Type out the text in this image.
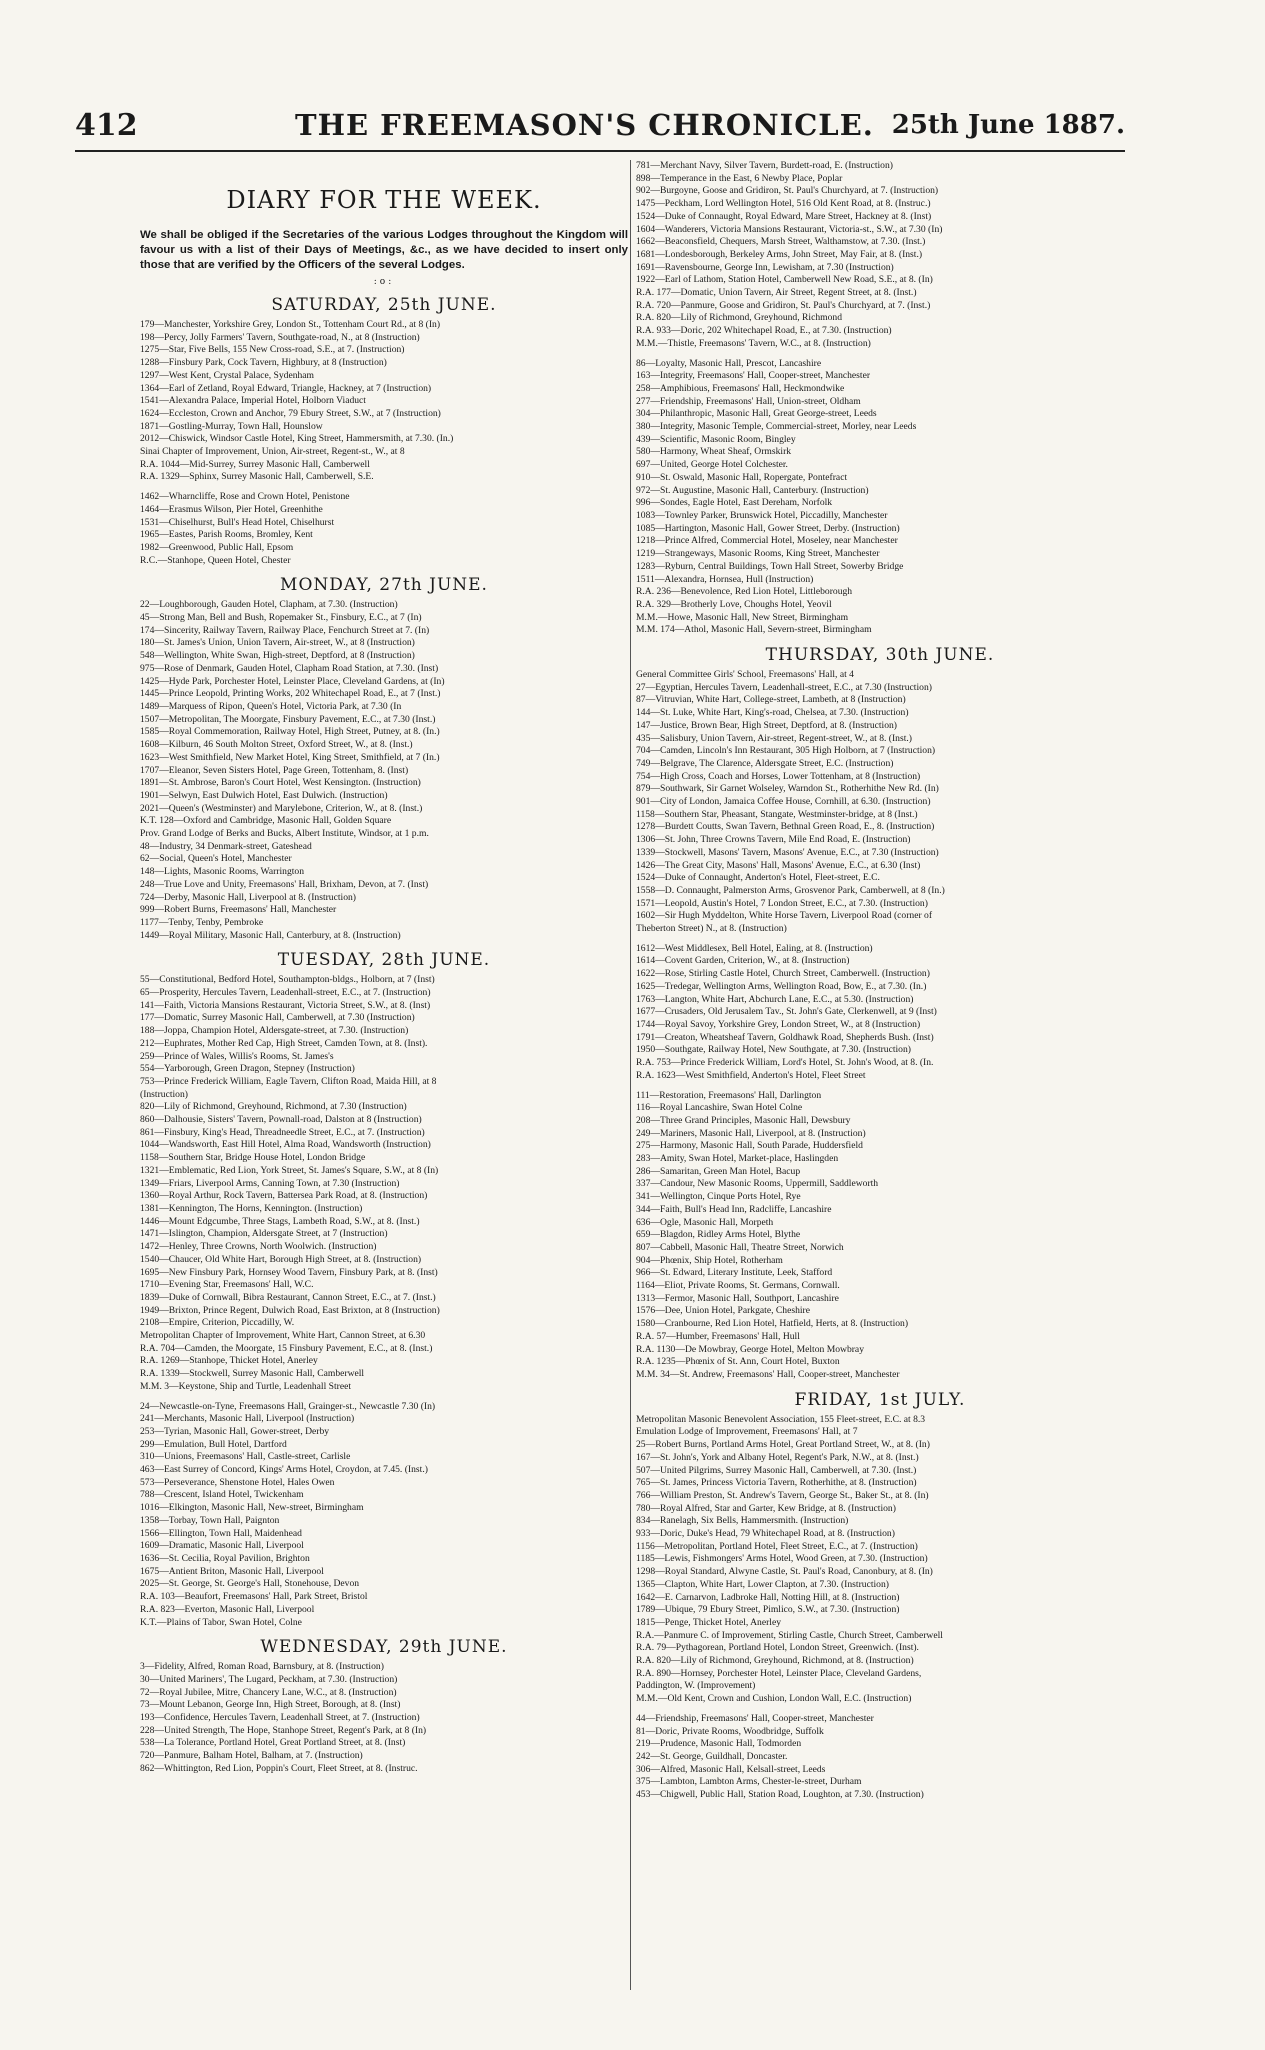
412	THE FREEMASON'S CHRONICLE. 25th June 1887.
DIARY FOR THE WEEK.

We shall be obliged if the Secretaries of the various Lodges throughout the Kingdom will favour us with a list of their Days of Meetings, &c., as we have decided to insert only those that are verified by the Officers of the several Lodges.

:o:
SATURDAY, 25th JUNE.
179—Manchester, Yorkshire Grey, London St., Tottenham Court Rd., at 8 (In)
198—Percy, Jolly Farmers' Tavern, Southgate-road, N., at 8 (Instruction)
1275—Star, Five Bells, 155 New Cross-road, S.E., at 7. (Instruction)
1288—Finsbury Park, Cock Tavern, Highbury, at 8 (Instruction)
1297—West Kent, Crystal Palace, Sydenham
1364—Earl of Zetland, Royal Edward, Triangle, Hackney, at 7 (Instruction)
1541—Alexandra Palace, Imperial Hotel, Holborn Viaduct
1624—Eccleston, Crown and Anchor, 79 Ebury Street, S.W., at 7 (Instruction)
1871—Gostling-Murray, Town Hall, Hounslow
2012—Chiswick, Windsor Castle Hotel, King Street, Hammersmith, at 7.30. (In.)
Sinai Chapter of Improvement, Union, Air-street, Regent-st., W., at 8
R.A. 1044—Mid-Surrey, Surrey Masonic Hall, Camberwell
R.A. 1329—Sphinx, Surrey Masonic Hall, Camberwell, S.E.
1462—Wharncliffe, Rose and Crown Hotel, Penistone
1464—Erasmus Wilson, Pier Hotel, Greenhithe
1531—Chiselhurst, Bull's Head Hotel, Chiselhurst
1965—Eastes, Parish Rooms, Bromley, Kent
1982—Greenwood, Public Hall, Epsom
R.C.—Stanhope, Queen Hotel, Chester
MONDAY, 27th JUNE.
22—Loughborough, Gauden Hotel, Clapham, at 7.30. (Instruction)
45—Strong Man, Bell and Bush, Ropemaker St., Finsbury, E.C., at 7 (In)
174—Sincerity, Railway Tavern, Railway Place, Fenchurch Street at 7. (In)
180—St. James's Union, Union Tavern, Air-street, W., at 8 (Instruction)
548—Wellington, White Swan, High-street, Deptford, at 8 (Instruction)
975—Rose of Denmark, Gauden Hotel, Clapham Road Station, at 7.30. (Inst)
1425—Hyde Park, Porchester Hotel, Leinster Place, Cleveland Gardens, at (In)
1445—Prince Leopold, Printing Works, 202 Whitechapel Road, E., at 7 (Inst.)
1489—Marquess of Ripon, Queen's Hotel, Victoria Park, at 7.30 (In
1507—Metropolitan, The Moorgate, Finsbury Pavement, E.C., at 7.30 (Inst.)
1585—Royal Commemoration, Railway Hotel, High Street, Putney, at 8. (In.)
1608—Kilburn, 46 South Molton Street, Oxford Street, W., at 8. (Inst.)
1623—West Smithfield, New Market Hotel, King Street, Smithfield, at 7 (In.)
1707—Eleanor, Seven Sisters Hotel, Page Green, Tottenham, 8. (Inst)
1891—St. Ambrose, Baron's Court Hotel, West Kensington. (Instruction)
1901—Selwyn, East Dulwich Hotel, East Dulwich. (Instruction)
2021—Queen's (Westminster) and Marylebone, Criterion, W., at 8. (Inst.)
K.T. 128—Oxford and Cambridge, Masonic Hall, Golden Square
Prov. Grand Lodge of Berks and Bucks, Albert Institute, Windsor, at 1 p.m.
48—Industry, 34 Denmark-street, Gateshead
62—Social, Queen's Hotel, Manchester
148—Lights, Masonic Rooms, Warrington
248—True Love and Unity, Freemasons' Hall, Brixham, Devon, at 7. (Inst)
724—Derby, Masonic Hall, Liverpool at 8. (Instruction)
999—Robert Burns, Freemasons' Hall, Manchester
1177—Tenby, Tenby, Pembroke
1449—Royal Military, Masonic Hall, Canterbury, at 8. (Instruction)
TUESDAY, 28th JUNE.
55—Constitutional, Bedford Hotel, Southampton-bldgs., Holborn, at 7 (Inst)
65—Prosperity, Hercules Tavern, Leadenhall-street, E.C., at 7. (Instruction)
141—Faith, Victoria Mansions Restaurant, Victoria Street, S.W., at 8. (Inst)
177—Domatic, Surrey Masonic Hall, Camberwell, at 7.30 (Instruction)
188—Joppa, Champion Hotel, Aldersgate-street, at 7.30. (Instruction)
212—Euphrates, Mother Red Cap, High Street, Camden Town, at 8. (Inst).
259—Prince of Wales, Willis's Rooms, St. James's
554—Yarborough, Green Dragon, Stepney (Instruction)
753—Prince Frederick William, Eagle Tavern, Clifton Road, Maida Hill, at 8
(Instruction)
820—Lily of Richmond, Greyhound, Richmond, at 7.30 (Instruction)
860—Dalhousie, Sisters' Tavern, Pownall-road, Dalston at 8 (Instruction)
861—Finsbury, King's Head, Threadneedle Street, E.C., at 7. (Instruction)
1044—Wandsworth, East Hill Hotel, Alma Road, Wandsworth (Instruction)
1158—Southern Star, Bridge House Hotel, London Bridge
1321—Emblematic, Red Lion, York Street, St. James's Square, S.W., at 8 (In)
1349—Friars, Liverpool Arms, Canning Town, at 7.30 (Instruction)
1360—Royal Arthur, Rock Tavern, Battersea Park Road, at 8. (Instruction)
1381—Kennington, The Horns, Kennington. (Instruction)
1446—Mount Edgcumbe, Three Stags, Lambeth Road, S.W., at 8. (Inst.)
1471—Islington, Champion, Aldersgate Street, at 7 (Instruction)
1472—Henley, Three Crowns, North Woolwich. (Instruction)
1540—Chaucer, Old White Hart, Borough High Street, at 8. (Instruction)
1695—New Finsbury Park, Hornsey Wood Tavern, Finsbury Park, at 8. (Inst)
1710—Evening Star, Freemasons' Hall, W.C.
1839—Duke of Cornwall, Bibra Restaurant, Cannon Street, E.C., at 7. (Inst.)
1949—Brixton, Prince Regent, Dulwich Road, East Brixton, at 8 (Instruction)
2108—Empire, Criterion, Piccadilly, W.
Metropolitan Chapter of Improvement, White Hart, Cannon Street, at 6.30
R.A. 704—Camden, the Moorgate, 15 Finsbury Pavement, E.C., at 8. (Inst.)
R.A. 1269—Stanhope, Thicket Hotel, Anerley
R.A. 1339—Stockwell, Surrey Masonic Hall, Camberwell
M.M. 3—Keystone, Ship and Turtle, Leadenhall Street
24—Newcastle-on-Tyne, Freemasons Hall, Grainger-st., Newcastle 7.30 (In)
241—Merchants, Masonic Hall, Liverpool (Instruction)
253—Tyrian, Masonic Hall, Gower-street, Derby
299—Emulation, Bull Hotel, Dartford
310—Unions, Freemasons' Hall, Castle-street, Carlisle
463—East Surrey of Concord, Kings' Arms Hotel, Croydon, at 7.45. (Inst.)
573—Perseverance, Shenstone Hotel, Hales Owen
788—Crescent, Island Hotel, Twickenham
1016—Elkington, Masonic Hall, New-street, Birmingham
1358—Torbay, Town Hall, Paignton
1566—Ellington, Town Hall, Maidenhead
1609—Dramatic, Masonic Hall, Liverpool
1636—St. Cecilia, Royal Pavilion, Brighton
1675—Antient Briton, Masonic Hall, Liverpool
2025—St. George, St. George's Hall, Stonehouse, Devon
R.A. 103—Beaufort, Freemasons' Hall, Park Street, Bristol
R.A. 823—Everton, Masonic Hall, Liverpool
K.T.—Plains of Tabor, Swan Hotel, Colne
WEDNESDAY, 29th JUNE.
3—Fidelity, Alfred, Roman Road, Barnsbury, at 8. (Instruction)
30—United Mariners', The Lugard, Peckham, at 7.30. (Instruction)
72—Royal Jubilee, Mitre, Chancery Lane, W.C., at 8. (Instruction)
73—Mount Lebanon, George Inn, High Street, Borough, at 8. (Inst)
193—Confidence, Hercules Tavern, Leadenhall Street, at 7. (Instruction)
228—United Strength, The Hope, Stanhope Street, Regent's Park, at 8 (In)
538—La Tolerance, Portland Hotel, Great Portland Street, at 8. (Inst)
720—Panmure, Balham Hotel, Balham, at 7. (Instruction)
862—Whittington, Red Lion, Poppin's Court, Fleet Street, at 8. (Instruc.
781—Merchant Navy, Silver Tavern, Burdett-road, E. (Instruction)
898—Temperance in the East, 6 Newby Place, Poplar
902—Burgoyne, Goose and Gridiron, St. Paul's Churchyard, at 7. (Instruction)
1475—Peckham, Lord Wellington Hotel, 516 Old Kent Road, at 8. (Instruc.)
1524—Duke of Connaught, Royal Edward, Mare Street, Hackney at 8. (Inst)
1604—Wanderers, Victoria Mansions Restaurant, Victoria-st., S.W., at 7.30 (In)
1662—Beaconsfield, Chequers, Marsh Street, Walthamstow, at 7.30. (Inst.)
1681—Londesborough, Berkeley Arms, John Street, May Fair, at 8. (Inst.)
1691—Ravensbourne, George Inn, Lewisham, at 7.30 (Instruction)
1922—Earl of Lathom, Station Hotel, Camberwell New Road, S.E., at 8. (In)
R.A. 177—Domatic, Union Tavern, Air Street, Regent Street, at 8. (Inst.)
R.A. 720—Panmure, Goose and Gridiron, St. Paul's Churchyard, at 7. (Inst.)
R.A. 820—Lily of Richmond, Greyhound, Richmond
R.A. 933—Doric, 202 Whitechapel Road, E., at 7.30. (Instruction)
M.M.—Thistle, Freemasons' Tavern, W.C., at 8. (Instruction)
86—Loyalty, Masonic Hall, Prescot, Lancashire
163—Integrity, Freemasons' Hall, Cooper-street, Manchester
258—Amphibious, Freemasons' Hall, Heckmondwike
277—Friendship, Freemasons' Hall, Union-street, Oldham
304—Philanthropic, Masonic Hall, Great George-street, Leeds
380—Integrity, Masonic Temple, Commercial-street, Morley, near Leeds
439—Scientific, Masonic Room, Bingley
580—Harmony, Wheat Sheaf, Ormskirk
697—United, George Hotel Colchester.
910—St. Oswald, Masonic Hall, Ropergate, Pontefract
972—St. Augustine, Masonic Hall, Canterbury. (Instruction)
996—Sondes, Eagle Hotel, East Dereham, Norfolk
1083—Townley Parker, Brunswick Hotel, Piccadilly, Manchester
1085—Hartington, Masonic Hall, Gower Street, Derby. (Instruction)
1218—Prince Alfred, Commercial Hotel, Moseley, near Manchester
1219—Strangeways, Masonic Rooms, King Street, Manchester
1283—Ryburn, Central Buildings, Town Hall Street, Sowerby Bridge
1511—Alexandra, Hornsea, Hull (Instruction)
R.A. 236—Benevolence, Red Lion Hotel, Littleborough
R.A. 329—Brotherly Love, Choughs Hotel, Yeovil
M.M.—Howe, Masonic Hall, New Street, Birmingham
M.M. 174—Athol, Masonic Hall, Severn-street, Birmingham
THURSDAY, 30th JUNE.
General Committee Girls' School, Freemasons' Hall, at 4
27—Egyptian, Hercules Tavern, Leadenhall-street, E.C., at 7.30 (Instruction)
87—Vitruvian, White Hart, College-street, Lambeth, at 8 (Instruction)
144—St. Luke, White Hart, King's-road, Chelsea, at 7.30. (Instruction)
147—Justice, Brown Bear, High Street, Deptford, at 8. (Instruction)
435—Salisbury, Union Tavern, Air-street, Regent-street, W., at 8. (Inst.)
704—Camden, Lincoln's Inn Restaurant, 305 High Holborn, at 7 (Instruction)
749—Belgrave, The Clarence, Aldersgate Street, E.C. (Instruction)
754—High Cross, Coach and Horses, Lower Tottenham, at 8 (Instruction)
879—Southwark, Sir Garnet Wolseley, Warndon St., Rotherhithe New Rd. (In)
901—City of London, Jamaica Coffee House, Cornhill, at 6.30. (Instruction)
1158—Southern Star, Pheasant, Stangate, Westminster-bridge, at 8 (Inst.)
1278—Burdett Coutts, Swan Tavern, Bethnal Green Road, E., 8. (Instruction)
1306—St. John, Three Crowns Tavern, Mile End Road, E. (Instruction)
1339—Stockwell, Masons' Tavern, Masons' Avenue, E.C., at 7.30 (Instruction)
1426—The Great City, Masons' Hall, Masons' Avenue, E.C., at 6.30 (Inst)
1524—Duke of Connaught, Anderton's Hotel, Fleet-street, E.C.
1558—D. Connaught, Palmerston Arms, Grosvenor Park, Camberwell, at 8 (In.)
1571—Leopold, Austin's Hotel, 7 London Street, E.C., at 7.30. (Instruction)
1602—Sir Hugh Myddelton, White Horse Tavern, Liverpool Road (corner of
Theberton Street) N., at 8. (Instruction)
1612—West Middlesex, Bell Hotel, Ealing, at 8. (Instruction)
1614—Covent Garden, Criterion, W., at 8. (Instruction)
1622—Rose, Stirling Castle Hotel, Church Street, Camberwell. (Instruction)
1625—Tredegar, Wellington Arms, Wellington Road, Bow, E., at 7.30. (In.)
1763—Langton, White Hart, Abchurch Lane, E.C., at 5.30. (Instruction)
1677—Crusaders, Old Jerusalem Tav., St. John's Gate, Clerkenwell, at 9 (Inst)
1744—Royal Savoy, Yorkshire Grey, London Street, W., at 8 (Instruction)
1791—Creaton, Wheatsheaf Tavern, Goldhawk Road, Shepherds Bush. (Inst)
1950—Southgate, Railway Hotel, New Southgate, at 7.30. (Instruction)
R.A. 753—Prince Frederick William, Lord's Hotel, St. John's Wood, at 8. (In.
R.A. 1623—West Smithfield, Anderton's Hotel, Fleet Street
111—Restoration, Freemasons' Hall, Darlington
116—Royal Lancashire, Swan Hotel Colne
208—Three Grand Principles, Masonic Hall, Dewsbury
249—Mariners, Masonic Hall, Liverpool, at 8. (Instruction)
275—Harmony, Masonic Hall, South Parade, Huddersfield
283—Amity, Swan Hotel, Market-place, Haslingden
286—Samaritan, Green Man Hotel, Bacup
337—Candour, New Masonic Rooms, Uppermill, Saddleworth
341—Wellington, Cinque Ports Hotel, Rye
344—Faith, Bull's Head Inn, Radcliffe, Lancashire
636—Ogle, Masonic Hall, Morpeth
659—Blagdon, Ridley Arms Hotel, Blythe
807—Cabbell, Masonic Hall, Theatre Street, Norwich
904—Phœnix, Ship Hotel, Rotherham
966—St. Edward, Literary Institute, Leek, Stafford
1164—Eliot, Private Rooms, St. Germans, Cornwall.
1313—Fermor, Masonic Hall, Southport, Lancashire
1576—Dee, Union Hotel, Parkgate, Cheshire
1580—Cranbourne, Red Lion Hotel, Hatfield, Herts, at 8. (Instruction)
R.A. 57—Humber, Freemasons' Hall, Hull
R.A. 1130—De Mowbray, George Hotel, Melton Mowbray
R.A. 1235—Phœnix of St. Ann, Court Hotel, Buxton
M.M. 34—St. Andrew, Freemasons' Hall, Cooper-street, Manchester
FRIDAY, 1st JULY.
Metropolitan Masonic Benevolent Association, 155 Fleet-street, E.C. at 8.3
Emulation Lodge of Improvement, Freemasons' Hall, at 7
25—Robert Burns, Portland Arms Hotel, Great Portland Street, W., at 8. (In)
167—St. John's, York and Albany Hotel, Regent's Park, N.W., at 8. (Inst.)
507—United Pilgrims, Surrey Masonic Hall, Camberwell, at 7.30. (Inst.)
765—St. James, Princess Victoria Tavern, Rotherhithe, at 8. (Instruction)
766—William Preston, St. Andrew's Tavern, George St., Baker St., at 8. (In)
780—Royal Alfred, Star and Garter, Kew Bridge, at 8. (Instruction)
834—Ranelagh, Six Bells, Hammersmith. (Instruction)
933—Doric, Duke's Head, 79 Whitechapel Road, at 8. (Instruction)
1156—Metropolitan, Portland Hotel, Fleet Street, E.C., at 7. (Instruction)
1185—Lewis, Fishmongers' Arms Hotel, Wood Green, at 7.30. (Instruction)
1298—Royal Standard, Alwyne Castle, St. Paul's Road, Canonbury, at 8. (In)
1365—Clapton, White Hart, Lower Clapton, at 7.30. (Instruction)
1642—E. Carnarvon, Ladbroke Hall, Notting Hill, at 8. (Instruction)
1789—Ubique, 79 Ebury Street, Pimlico, S.W., at 7.30. (Instruction)
1815—Penge, Thicket Hotel, Anerley
R.A.—Panmure C. of Improvement, Stirling Castle, Church Street, Camberwell
R.A. 79—Pythagorean, Portland Hotel, London Street, Greenwich. (Inst).
R.A. 820—Lily of Richmond, Greyhound, Richmond, at 8. (Instruction)
R.A. 890—Hornsey, Porchester Hotel, Leinster Place, Cleveland Gardens,
Paddington, W. (Improvement)
M.M.—Old Kent, Crown and Cushion, London Wall, E.C. (Instruction)
44—Friendship, Freemasons' Hall, Cooper-street, Manchester
81—Doric, Private Rooms, Woodbridge, Suffolk
219—Prudence, Masonic Hall, Todmorden
242—St. George, Guildhall, Doncaster.
306—Alfred, Masonic Hall, Kelsall-street, Leeds
375—Lambton, Lambton Arms, Chester-le-street, Durham
453—Chigwell, Public Hall, Station Road, Loughton, at 7.30. (Instruction)
